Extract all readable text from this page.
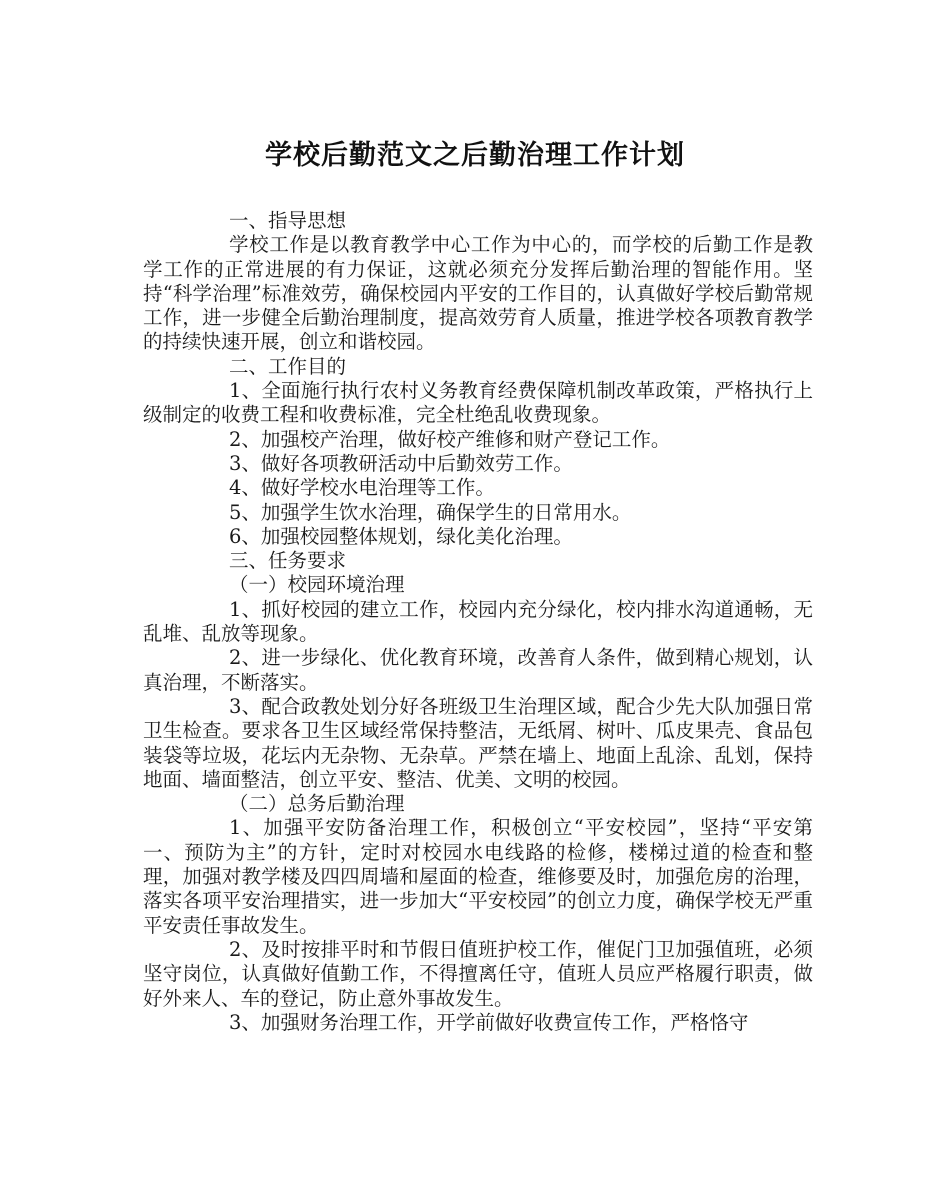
学校后勤范文之后勤治理工作计划

一、指导思想

学校工作是以教育教学中心工作为中心的，而学校的后勤工作是教学工作的正常进展的有力保证，这就必须充分发挥后勤治理的智能作用。坚持“科学治理”标准效劳，确保校园内平安的工作目的，认真做好学校后勤常规工作，进一步健全后勤治理制度，提高效劳育人质量，推进学校各项教育教学的持续快速开展，创立和谐校园。

二、工作目的

1、全面施行执行农村义务教育经费保障机制改革政策，严格执行上级制定的收费工程和收费标准，完全杜绝乱收费现象。

2、加强校产治理，做好校产维修和财产登记工作。

3、做好各项教研活动中后勤效劳工作。

4、做好学校水电治理等工作。

5、加强学生饮水治理，确保学生的日常用水。

6、加强校园整体规划，绿化美化治理。

三、任务要求

（一）校园环境治理

1、抓好校园的建立工作，校园内充分绿化，校内排水沟道通畅，无乱堆、乱放等现象。

2、进一步绿化、优化教育环境，改善育人条件，做到精心规划，认真治理，不断落实。

3、配合政教处划分好各班级卫生治理区域，配合少先大队加强日常卫生检查。要求各卫生区域经常保持整洁，无纸屑、树叶、瓜皮果壳、食品包装袋等垃圾，花坛内无杂物、无杂草。严禁在墙上、地面上乱涂、乱划，保持地面、墙面整洁，创立平安、整洁、优美、文明的校园。

（二）总务后勤治理

1、加强平安防备治理工作，积极创立“平安校园”，坚持“平安第一、预防为主”的方针，定时对校园水电线路的检修，楼梯过道的检查和整理，加强对教学楼及四四周墙和屋面的检查，维修要及时，加强危房的治理，落实各项平安治理措实，进一步加大“平安校园”的创立力度，确保学校无严重平安责任事故发生。

2、及时按排平时和节假日值班护校工作，催促门卫加强值班，必须坚守岗位，认真做好值勤工作，不得擅离任守，值班人员应严格履行职责，做好外来人、车的登记，防止意外事故发生。

3、加强财务治理工作，开学前做好收费宣传工作，严格恪守
